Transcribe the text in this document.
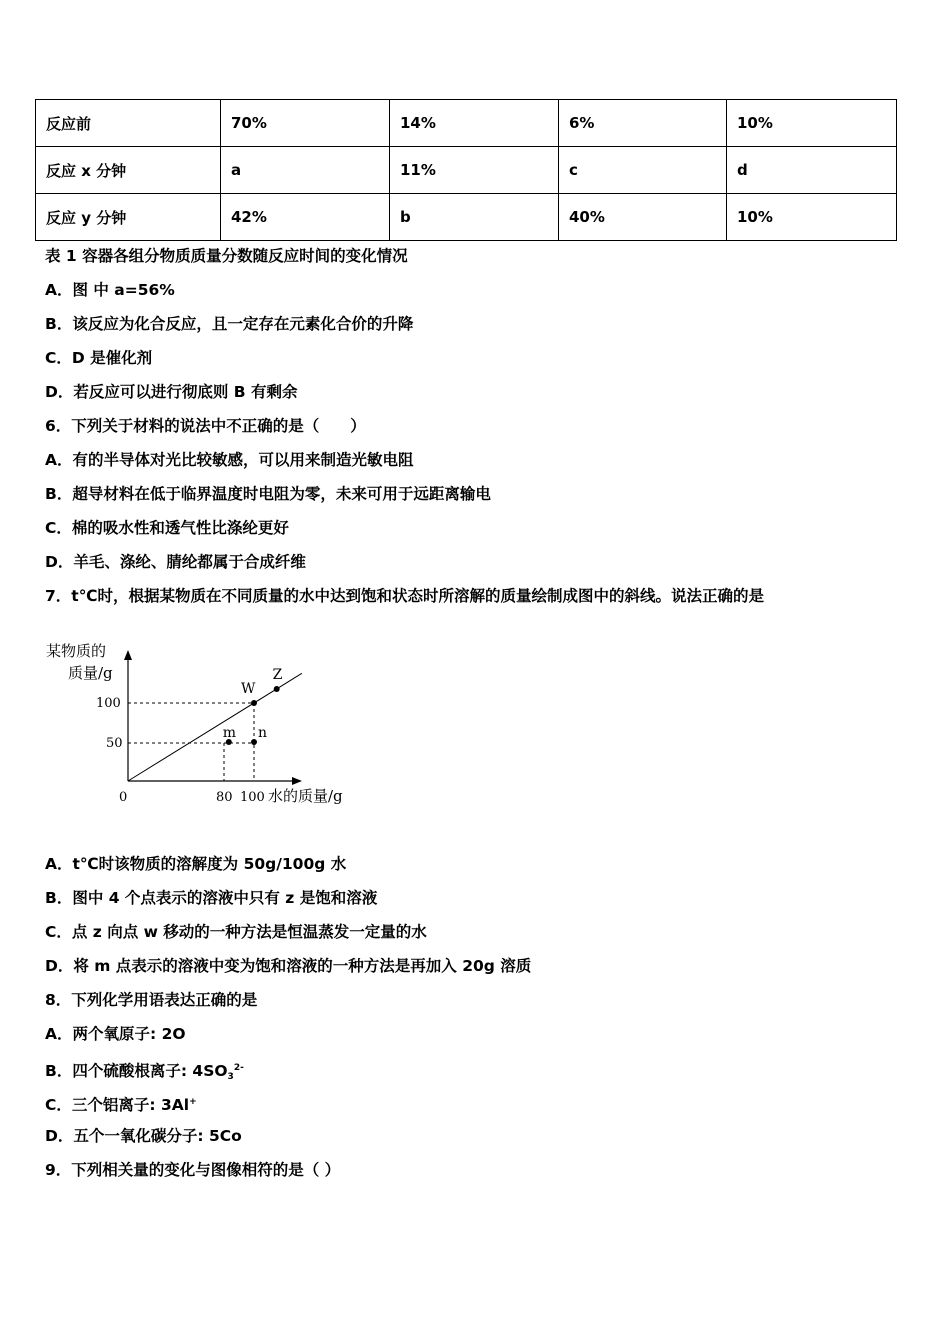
反应前	70%	14%	6%	10%
反应 x 分钟	a	11%	c	d
反应 y 分钟	42%	b	40%	10%
表 1 容器各组分物质质量分数随反应时间的变化情况
A．图 中 a=56%
B．该反应为化合反应，且一定存在元素化合价的升降
C．D 是催化剂
D．若反应可以进行彻底则 B 有剩余
6．下列关于材料的说法中不正确的是（　　）
A．有的半导体对光比较敏感，可以用来制造光敏电阻
B．超导材料在低于临界温度时电阻为零，未来可用于远距离输电
C．棉的吸水性和透气性比涤纶更好
D．羊毛、涤纶、腈纶都属于合成纤维
7．t℃时，根据某物质在不同质量的水中达到饱和状态时所溶解的质量绘制成图中的斜线。说法正确的是
W
Z
m n
某物质的
质量/g
水的质量/g
0	80 100
100
50
A．t℃时该物质的溶解度为 50g/100g 水
B．图中 4 个点表示的溶液中只有 z 是饱和溶液
C．点 z 向点 w 移动的一种方法是恒温蒸发一定量的水
D．将 m 点表示的溶液中变为饱和溶液的一种方法是再加入 20g 溶质
8．下列化学用语表达正确的是
A．两个氧原子: 2O
B．四个硫酸根离子: $4SO_3^{2-}$
C．三个铝离子: 3Al+
D．五个一氧化碳分子: 5Co
9．下列相关量的变化与图像相符的是（ ）
